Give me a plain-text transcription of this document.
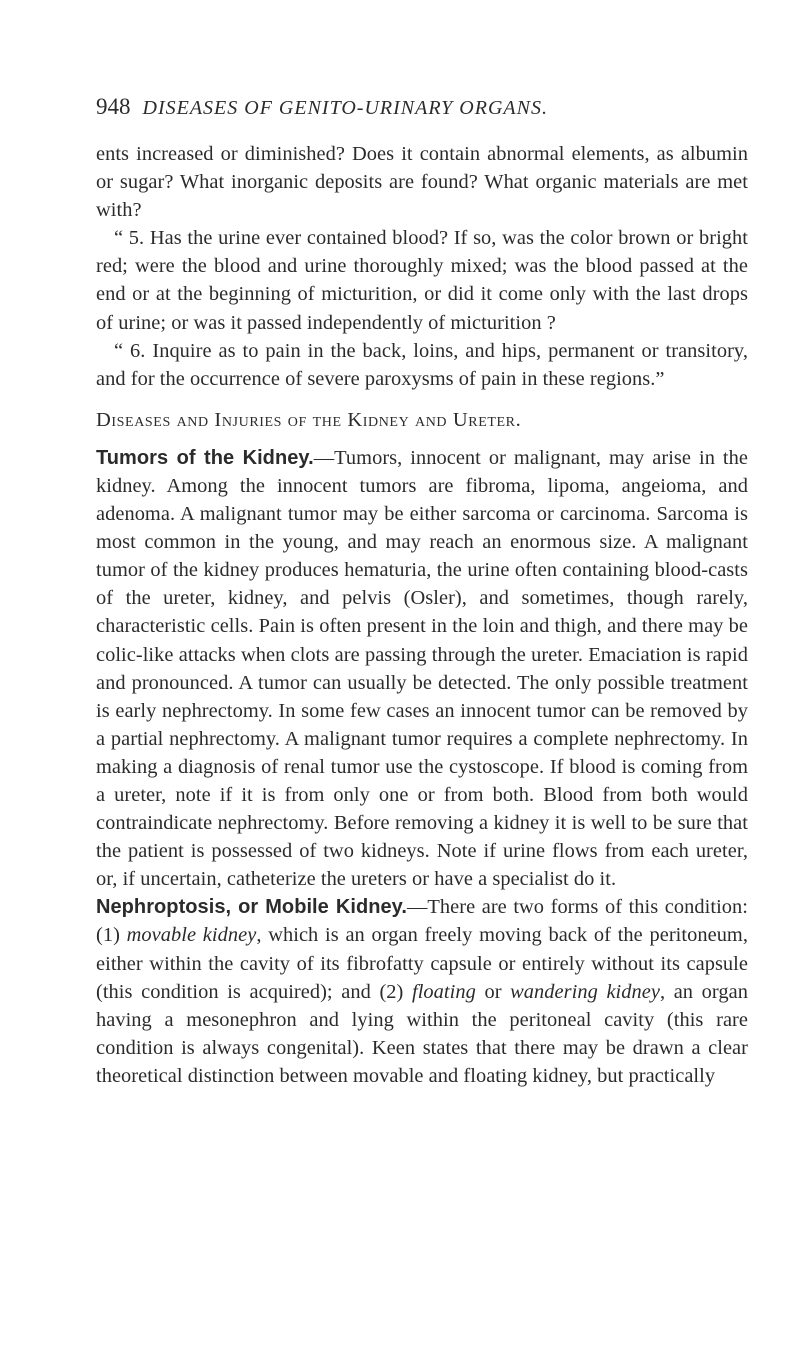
948 DISEASES OF GENITO-URINARY ORGANS.

ents increased or diminished? Does it contain abnormal elements, as albumin or sugar? What inorganic deposits are found? What organic materials are met with?

“ 5. Has the urine ever contained blood? If so, was the color brown or bright red; were the blood and urine thoroughly mixed; was the blood passed at the end or at the beginning of micturition, or did it come only with the last drops of urine; or was it passed independently of micturition ?

“ 6. Inquire as to pain in the back, loins, and hips, permanent or transitory, and for the occurrence of severe paroxysms of pain in these regions.”

Diseases and Injuries of the Kidney and Ureter.

Tumors of the Kidney.—Tumors, innocent or malignant, may arise in the kidney. Among the innocent tumors are fibroma, lipoma, angeioma, and adenoma. A malignant tumor may be either sarcoma or carcinoma. Sarcoma is most common in the young, and may reach an enormous size. A malignant tumor of the kidney produces hematuria, the urine often containing blood-casts of the ureter, kidney, and pelvis (Osler), and sometimes, though rarely, characteristic cells. Pain is often present in the loin and thigh, and there may be colic-like attacks when clots are passing through the ureter. Emaciation is rapid and pronounced. A tumor can usually be detected. The only possible treatment is early nephrectomy. In some few cases an innocent tumor can be removed by a partial nephrectomy. A malignant tumor requires a complete nephrectomy. In making a diagnosis of renal tumor use the cystoscope. If blood is coming from a ureter, note if it is from only one or from both. Blood from both would contraindicate nephrectomy. Before removing a kidney it is well to be sure that the patient is possessed of two kidneys. Note if urine flows from each ureter, or, if uncertain, catheterize the ureters or have a specialist do it.

Nephroptosis, or Mobile Kidney.—There are two forms of this condition: (1) movable kidney, which is an organ freely moving back of the peritoneum, either within the cavity of its fibrofatty capsule or entirely without its capsule (this condition is acquired); and (2) floating or wandering kidney, an organ having a mesonephron and lying within the peritoneal cavity (this rare condition is always congenital). Keen states that there may be drawn a clear theoretical distinction between movable and floating kidney, but practically
